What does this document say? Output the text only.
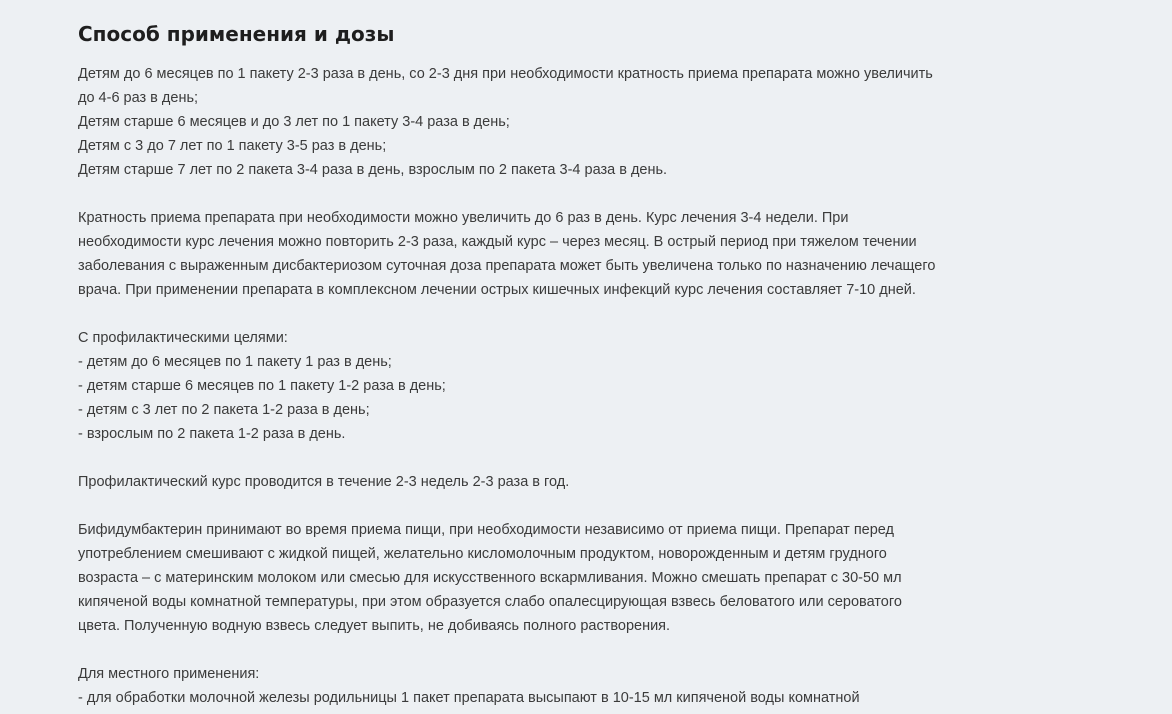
Способ применения и дозы
Детям до 6 месяцев по 1 пакету 2-3 раза в день, со 2-3 дня при необходимости кратность приема препарата можно увеличить
до 4-6 раз в день;
Детям старше 6 месяцев и до 3 лет по 1 пакету 3-4 раза в день;
Детям с 3 до 7 лет по 1 пакету 3-5 раз в день;
Детям старше 7 лет по 2 пакета 3-4 раза в день, взрослым по 2 пакета 3-4 раза в день.
Кратность приема препарата при необходимости можно увеличить до 6 раз в день. Курс лечения 3-4 недели. При
необходимости курс лечения можно повторить 2-3 раза, каждый курс – через месяц. В острый период при тяжелом течении
заболевания с выраженным дисбактериозом суточная доза препарата может быть увеличена только по назначению лечащего
врача. При применении препарата в комплексном лечении острых кишечных инфекций курс лечения составляет 7-10 дней.
С профилактическими целями:
- детям до 6 месяцев по 1 пакету 1 раз в день;
- детям старше 6 месяцев по 1 пакету 1-2 раза в день;
- детям с 3 лет по 2 пакета 1-2 раза в день;
- взрослым по 2 пакета 1-2 раза в день.
Профилактический курс проводится в течение 2-3 недель 2-3 раза в год.
Бифидумбактерин принимают во время приема пищи, при необходимости независимо от приема пищи. Препарат перед
употреблением смешивают с жидкой пищей, желательно кисломолочным продуктом, новорожденным и детям грудного
возраста – с материнским молоком или смесью для искусственного вскармливания. Можно смешать препарат с 30-50 мл
кипяченой воды комнатной температуры, при этом образуется слабо опалесцирующая взвесь беловатого или сероватого
цвета. Полученную водную взвесь следует выпить, не добиваясь полного растворения.
Для местного применения:
- для обработки молочной железы родильницы 1 пакет препарата высыпают в 10-15 мл кипяченой воды комнатной
